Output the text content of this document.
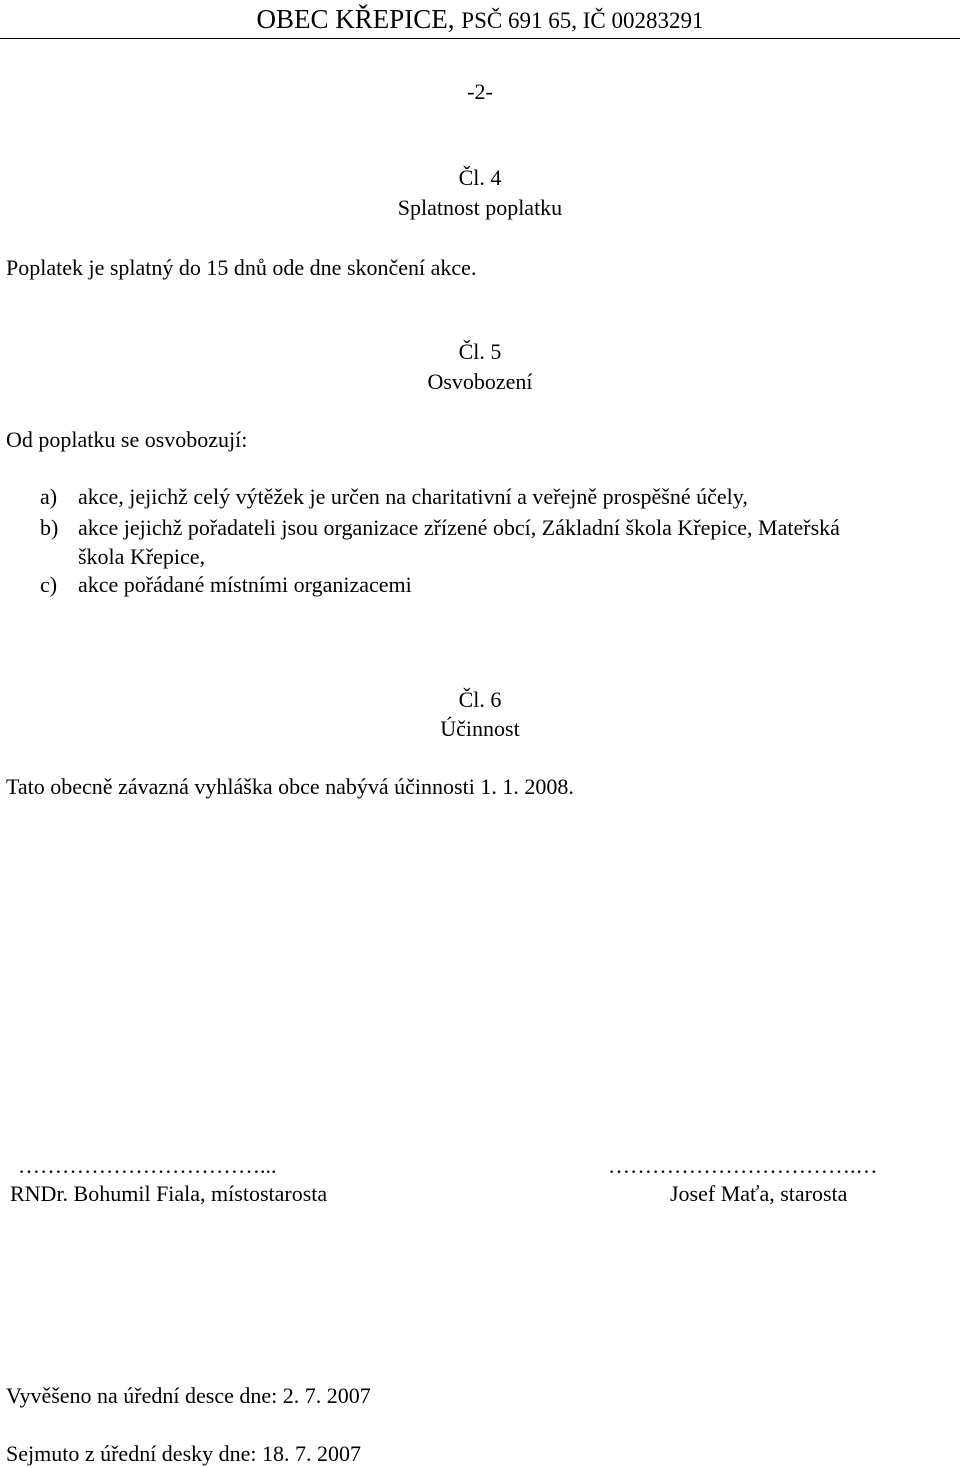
OBEC KŘEPICE, PSČ 691 65, IČ 00283291
-2-
Čl. 4
Splatnost poplatku
Poplatek je splatný do 15 dnů ode dne skončení akce.
Čl. 5
Osvobození
Od poplatku se osvobozují:
a) akce, jejichž celý výtěžek je určen na charitativní a veřejně prospěšné účely,
b) akce jejichž pořadateli jsou organizace zřízené obcí, Základní škola Křepice, Mateřská
škola Křepice,
c) akce pořádané místními organizacemi
Čl. 6
Účinnost
Tato obecně závazná vyhláška obce nabývá účinnosti 1. 1. 2008.
……………………………...
RNDr. Bohumil Fiala, místostarosta
…………………………….…
Josef Maťa, starosta
Vyvěšeno na úřední desce dne: 2. 7. 2007
Sejmuto z úřední desky dne: 18. 7. 2007
